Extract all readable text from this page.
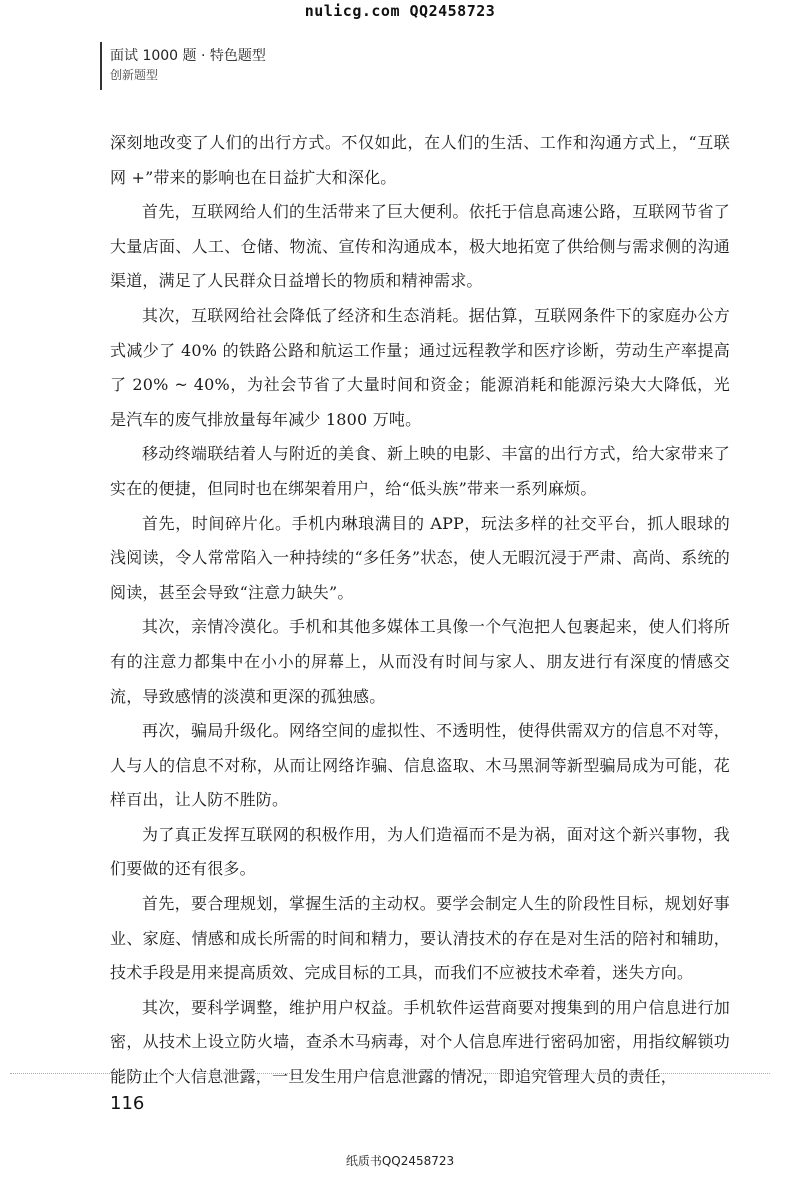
nulicg.com QQ2458723
面试 1000 题 · 特色题型
创新题型

深刻地改变了人们的出行方式。不仅如此，在人们的生活、工作和沟通方式上，“互联网 +”带来的影响也在日益扩大和深化。

首先，互联网给人们的生活带来了巨大便利。依托于信息高速公路，互联网节省了大量店面、人工、仓储、物流、宣传和沟通成本，极大地拓宽了供给侧与需求侧的沟通渠道，满足了人民群众日益增长的物质和精神需求。

其次，互联网给社会降低了经济和生态消耗。据估算，互联网条件下的家庭办公方式减少了 40% 的铁路公路和航运工作量；通过远程教学和医疗诊断，劳动生产率提高了 20% ~ 40%，为社会节省了大量时间和资金；能源消耗和能源污染大大降低，光是汽车的废气排放量每年减少 1800 万吨。

移动终端联结着人与附近的美食、新上映的电影、丰富的出行方式，给大家带来了实在的便捷，但同时也在绑架着用户，给“低头族”带来一系列麻烦。

首先，时间碎片化。手机内琳琅满目的 APP，玩法多样的社交平台，抓人眼球的浅阅读，令人常常陷入一种持续的“多任务”状态，使人无暇沉浸于严肃、高尚、系统的阅读，甚至会导致“注意力缺失”。

其次，亲情冷漠化。手机和其他多媒体工具像一个气泡把人包裹起来，使人们将所有的注意力都集中在小小的屏幕上，从而没有时间与家人、朋友进行有深度的情感交流，导致感情的淡漠和更深的孤独感。

再次，骗局升级化。网络空间的虚拟性、不透明性，使得供需双方的信息不对等，人与人的信息不对称，从而让网络诈骗、信息盗取、木马黑洞等新型骗局成为可能，花样百出，让人防不胜防。

为了真正发挥互联网的积极作用，为人们造福而不是为祸，面对这个新兴事物，我们要做的还有很多。

首先，要合理规划，掌握生活的主动权。要学会制定人生的阶段性目标，规划好事业、家庭、情感和成长所需的时间和精力，要认清技术的存在是对生活的陪衬和辅助，技术手段是用来提高质效、完成目标的工具，而我们不应被技术牵着，迷失方向。

其次，要科学调整，维护用户权益。手机软件运营商要对搜集到的用户信息进行加密，从技术上设立防火墙，查杀木马病毒，对个人信息库进行密码加密，用指纹解锁功能防止个人信息泄露，一旦发生用户信息泄露的情况，即追究管理人员的责任，

116
纸质书QQ2458723
